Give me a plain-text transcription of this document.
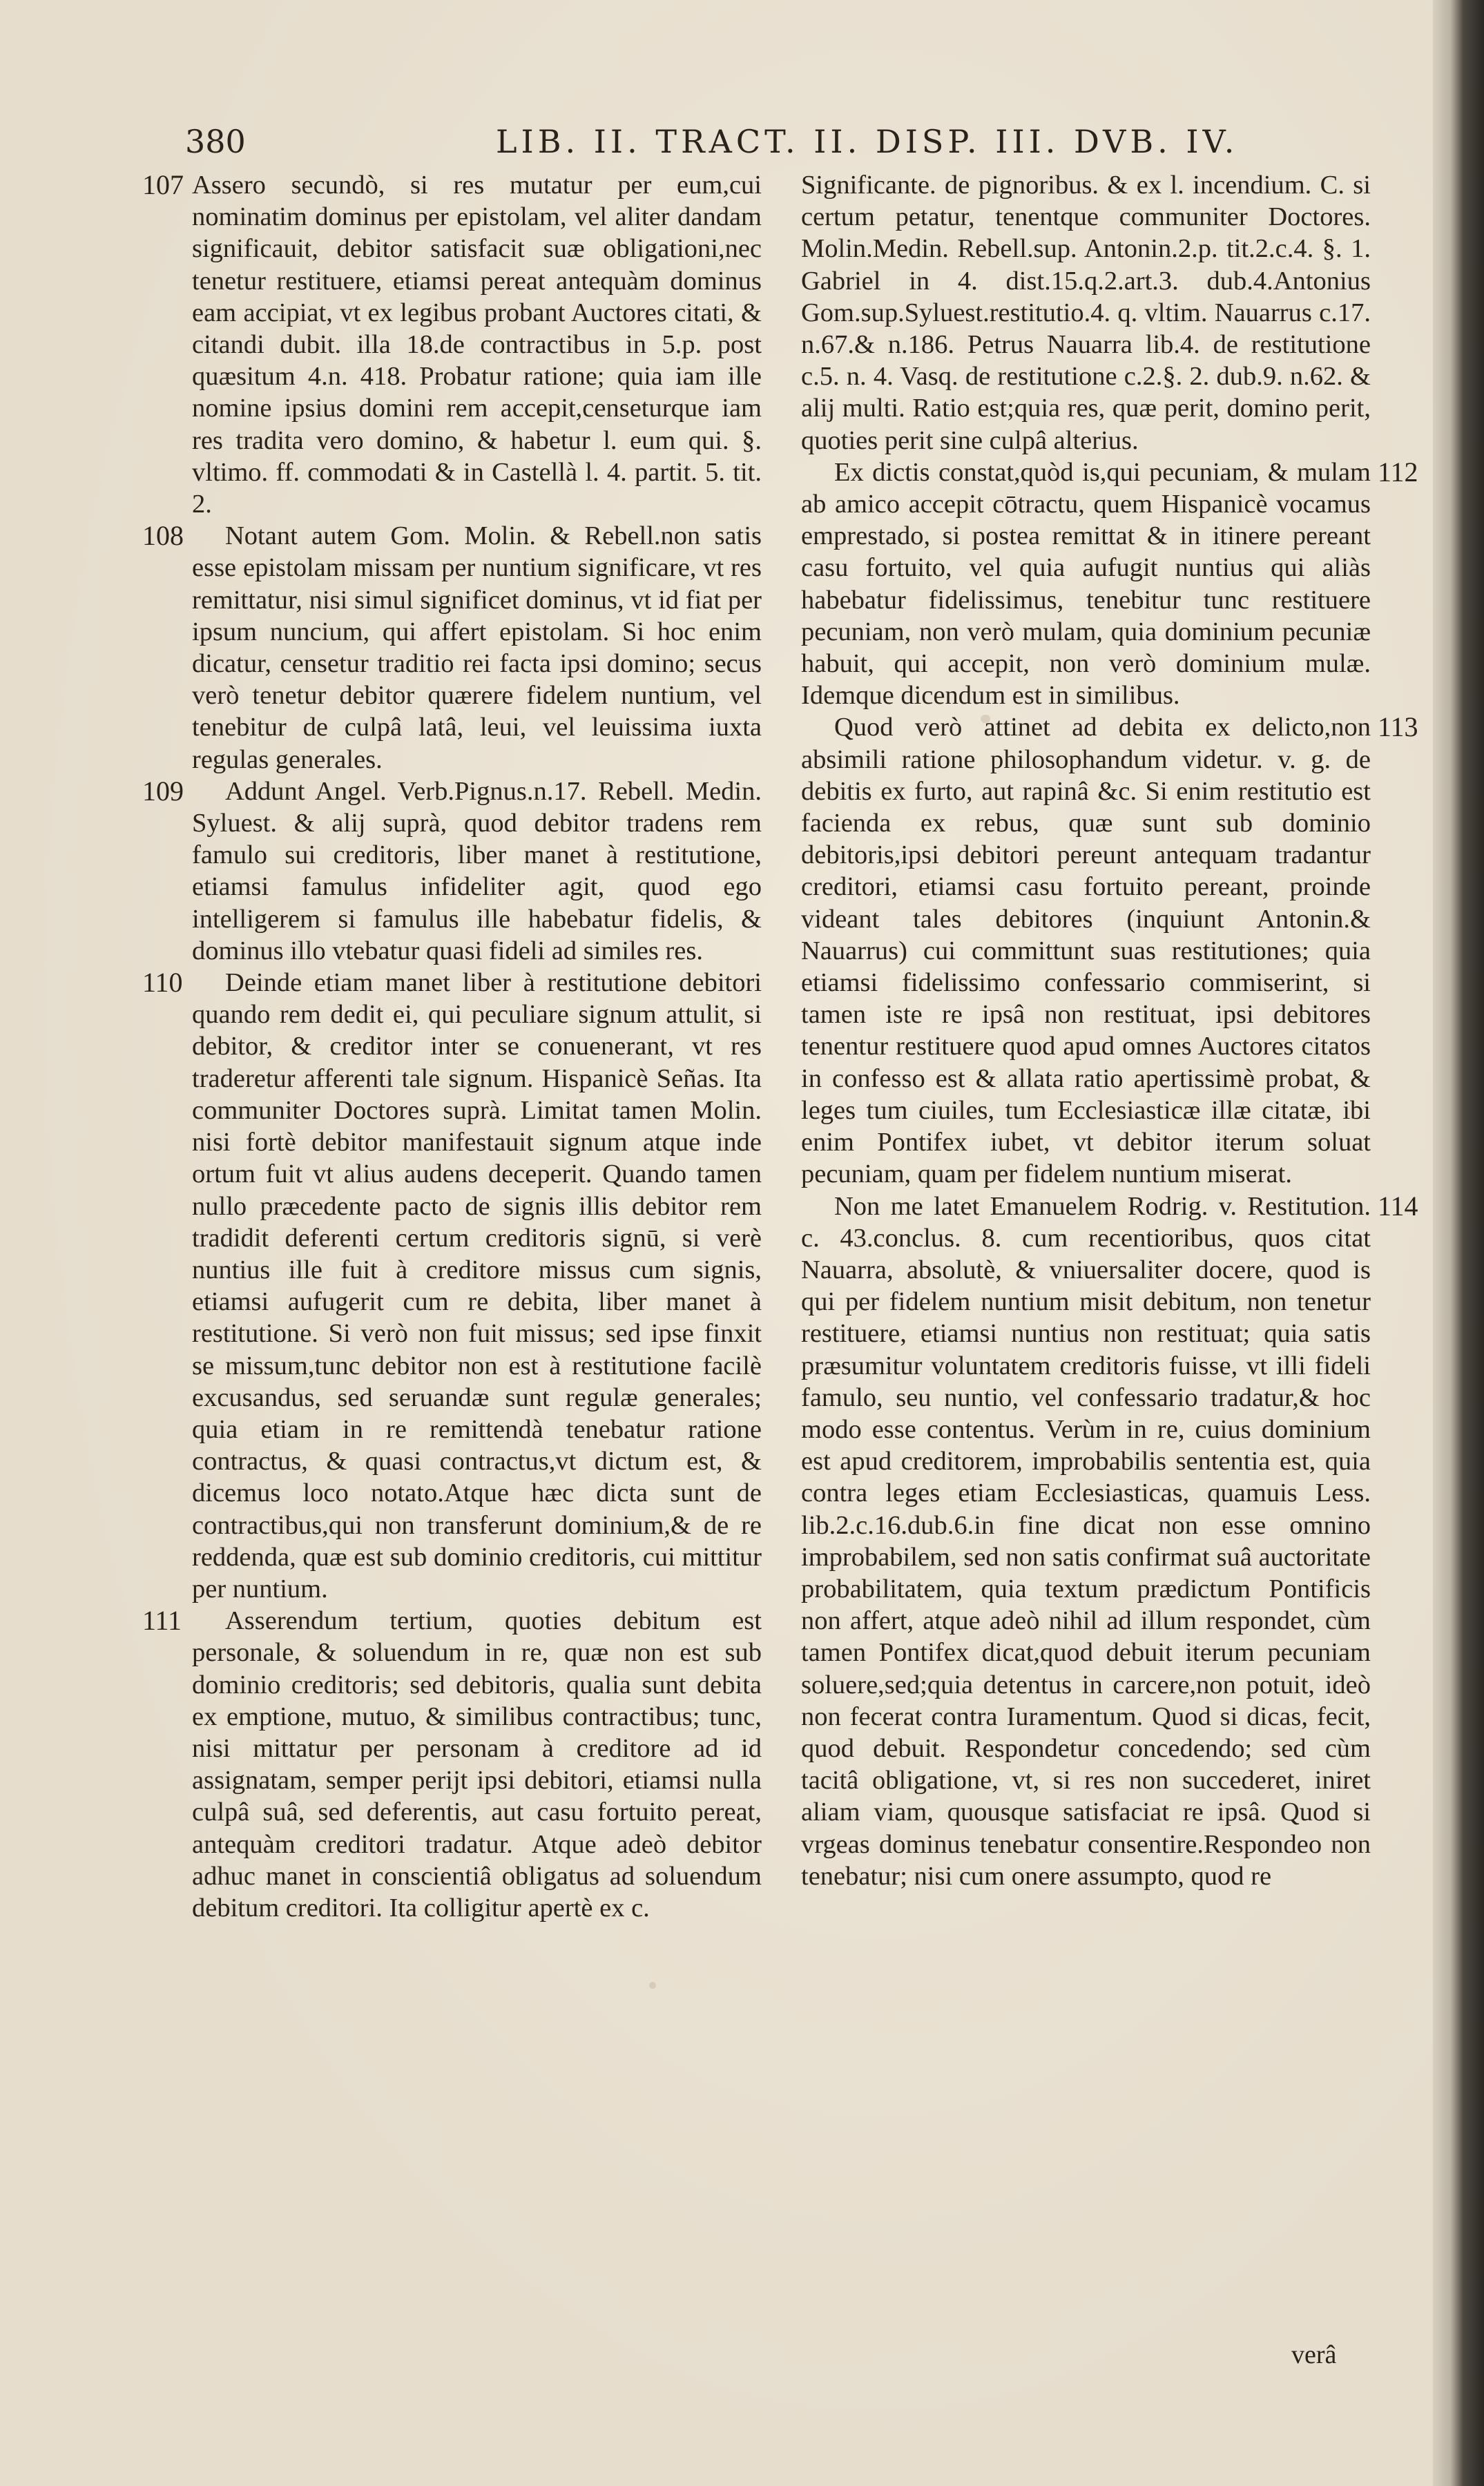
380	LIB. II. TRACT. II. DISP. III. DVB. IV.
107 Assero secundò, si res mutatur per eum,cui nominatim dominus per epistolam, vel aliter dandam significauit, debitor satisfacit suæ obligationi,nec tenetur restituere, etiamsi pereat antequàm dominus eam accipiat, vt ex legibus probant Auctores citati, & citandi dubit. illa 18.de contractibus in 5.p. post quæsitum 4.n. 418. Probatur ratione; quia iam ille nomine ipsius domini rem accepit,censeturque iam res tradita vero domino, & habetur l. eum qui. §. vltimo. ff. commodati & in Castellà l. 4. partit. 5. tit. 2.
108 Notant autem Gom. Molin. & Rebell.non satis esse epistolam missam per nuntium significare, vt res remittatur, nisi simul significet dominus, vt id fiat per ipsum nuncium, qui affert epistolam. Si hoc enim dicatur, censetur traditio rei facta ipsi domino; secus verò tenetur debitor quærere fidelem nuntium, vel tenebitur de culpâ latâ, leui, vel leuissima iuxta regulas generales.
109 Addunt Angel. Verb.Pignus.n.17. Rebell. Medin. Syluest. & alij suprà, quod debitor tradens rem famulo sui creditoris, liber manet à restitutione, etiamsi famulus infideliter agit, quod ego intelligerem si famulus ille habebatur fidelis, & dominus illo vtebatur quasi fideli ad similes res.
110 Deinde etiam manet liber à restitutione debitori quando rem dedit ei, qui peculiare signum attulit, si debitor, & creditor inter se conuenerant, vt res traderetur afferenti tale signum. Hispanicè Señas. Ita communiter Doctores suprà. Limitat tamen Molin. nisi fortè debitor manifestauit signum atque inde ortum fuit vt alius audens deceperit. Quando tamen nullo præcedente pacto de signis illis debitor rem tradidit deferenti certum creditoris signū, si verè nuntius ille fuit à creditore missus cum signis, etiamsi aufugerit cum re debita, liber manet à restitutione. Si verò non fuit missus; sed ipse finxit se missum,tunc debitor non est à restitutione facilè excusandus, sed seruandæ sunt regulæ generales; quia etiam in re remittendà tenebatur ratione contractus, & quasi contractus,vt dictum est, & dicemus loco notato.Atque hæc dicta sunt de contractibus,qui non transferunt dominium,& de re reddenda, quæ est sub dominio creditoris, cui mittitur per nuntium.
111 Asserendum tertium, quoties debitum est personale, & soluendum in re, quæ non est sub dominio creditoris; sed debitoris, qualia sunt debita ex emptione, mutuo, & similibus contractibus; tunc, nisi mittatur per personam à creditore ad id assignatam, semper perijt ipsi debitori, etiamsi nulla culpâ suâ, sed deferentis, aut casu fortuito pereat, antequàm creditori tradatur. Atque adeò debitor adhuc manet in conscientiâ obligatus ad soluendum debitum creditori. Ita colligitur apertè ex c.
Significante. de pignoribus. & ex l. incendium. C. si certum petatur, tenentque communiter Doctores. Molin.Medin. Rebell.sup. Antonin.2.p. tit.2.c.4. §. 1. Gabriel in 4. dist.15.q.2.art.3. dub.4.Antonius Gom.sup.Syluest.restitutio.4. q. vltim. Nauarrus c.17. n.67.& n.186. Petrus Nauarra lib.4. de restitutione c.5. n. 4. Vasq. de restitutione c.2.§. 2. dub.9. n.62. & alij multi. Ratio est;quia res, quæ perit, domino perit, quoties perit sine culpâ alterius.
112
Ex dictis constat,quòd is,qui pecuniam, & mulam ab amico accepit cōtractu, quem Hispanicè vocamus emprestado, si postea remittat & in itinere pereant casu fortuito, vel quia aufugit nuntius qui aliàs habebatur fidelissimus, tenebitur tunc restituere pecuniam, non verò mulam, quia dominium pecuniæ habuit, qui accepit, non verò dominium mulæ. Idemque dicendum est in similibus.
113
Quod verò attinet ad debita ex delicto,non absimili ratione philosophandum videtur. v. g. de debitis ex furto, aut rapinâ &c. Si enim restitutio est facienda ex rebus, quæ sunt sub dominio debitoris,ipsi debitori pereunt antequam tradantur creditori, etiamsi casu fortuito pereant, proinde videant tales debitores (inquiunt Antonin.& Nauarrus) cui committunt suas restitutiones; quia etiamsi fidelissimo confessario commiserint, si tamen iste re ipsâ non restituat, ipsi debitores tenentur restituere quod apud omnes Auctores citatos in confesso est & allata ratio apertissimè probat, & leges tum ciuiles, tum Ecclesiasticæ illæ citatæ, ibi enim Pontifex iubet, vt debitor iterum soluat pecuniam, quam per fidelem nuntium miserat.
114
Non me latet Emanuelem Rodrig. v. Restitution. c. 43.conclus. 8. cum recentioribus, quos citat Nauarra, absolutè, & vniuersaliter docere, quod is qui per fidelem nuntium misit debitum, non tenetur restituere, etiamsi nuntius non restituat; quia satis præsumitur voluntatem creditoris fuisse, vt illi fideli famulo, seu nuntio, vel confessario tradatur,& hoc modo esse contentus. Verùm in re, cuius dominium est apud creditorem, improbabilis sententia est, quia contra leges etiam Ecclesiasticas, quamuis Less. lib.2.c.16.dub.6.in fine dicat non esse omnino improbabilem, sed non satis confirmat suâ auctoritate probabilitatem, quia textum prædictum Pontificis non affert, atque adeò nihil ad illum respondet, cùm tamen Pontifex dicat,quod debuit iterum pecuniam soluere,sed;quia detentus in carcere,non potuit, ideò non fecerat contra Iuramentum. Quod si dicas, fecit, quod debuit. Respondetur concedendo; sed cùm tacitâ obligatione, vt, si res non succederet, iniret aliam viam, quousque satisfaciat re ipsâ. Quod si vrgeas dominus tenebatur consentire.Respondeo non tenebatur; nisi cum onere assumpto, quod re
verâ
